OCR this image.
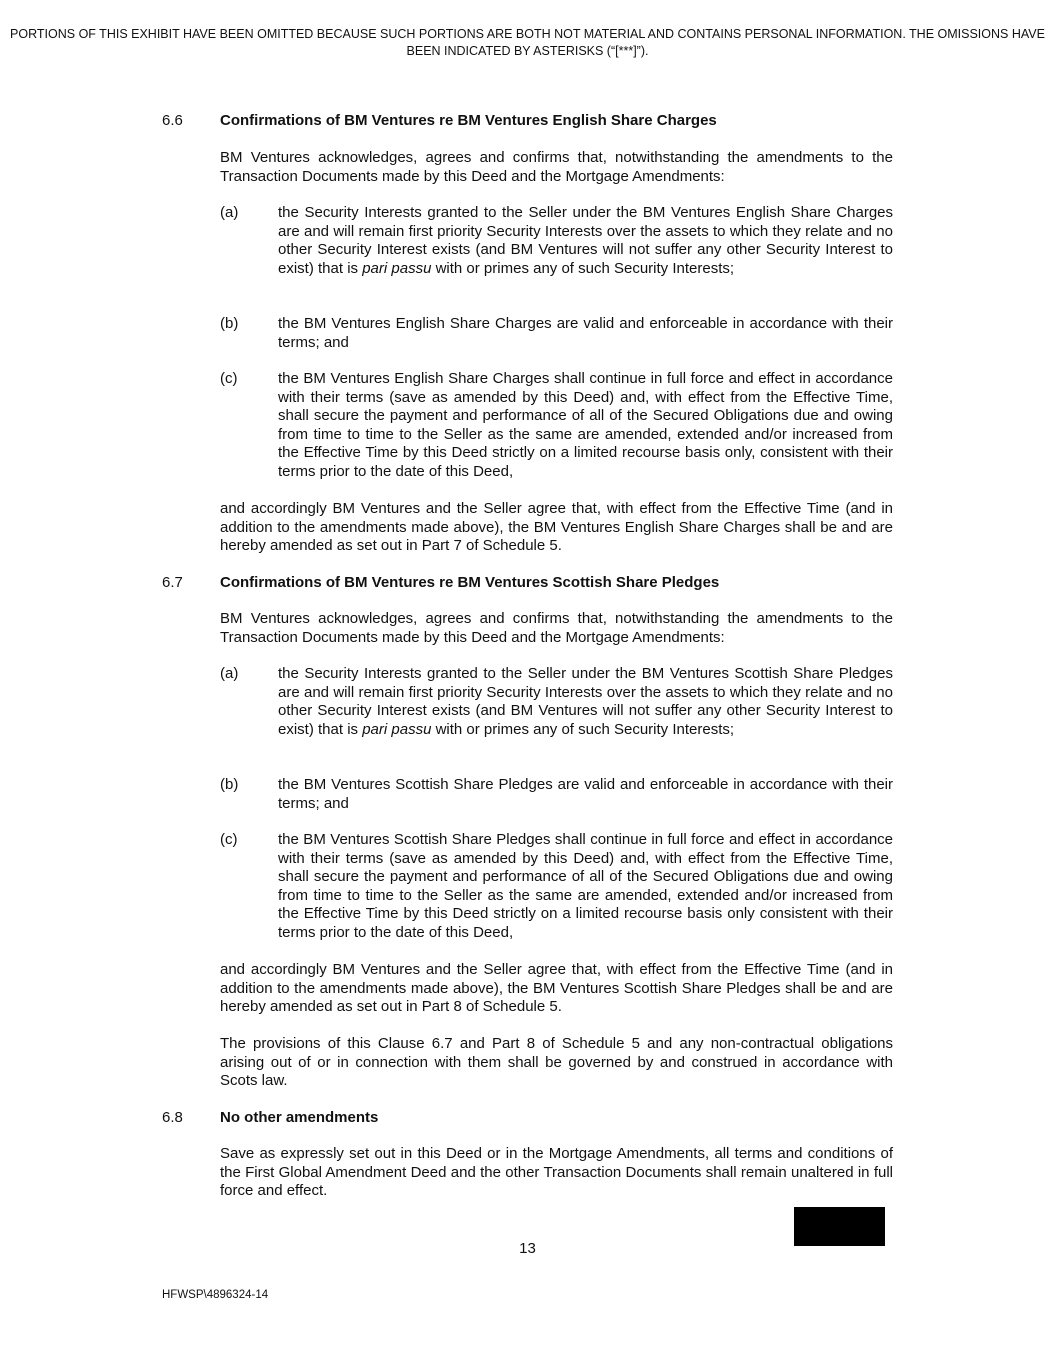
PORTIONS OF THIS EXHIBIT HAVE BEEN OMITTED BECAUSE SUCH PORTIONS ARE BOTH NOT MATERIAL AND CONTAINS PERSONAL INFORMATION. THE OMISSIONS HAVE BEEN INDICATED BY ASTERISKS (“[***]”).

6.6 Confirmations of BM Ventures re BM Ventures English Share Charges

BM Ventures acknowledges, agrees and confirms that, notwithstanding the amendments to the Transaction Documents made by this Deed and the Mortgage Amendments:

(a)	the Security Interests granted to the Seller under the BM Ventures English Share Charges are and will remain first priority Security Interests over the assets to which they relate and no other Security Interest exists (and BM Ventures will not suffer any other Security Interest to exist) that is pari passu with or primes any of such Security Interests;

(b)	the BM Ventures English Share Charges are valid and enforceable in accordance with their terms; and

(c)	the BM Ventures English Share Charges shall continue in full force and effect in accordance with their terms (save as amended by this Deed) and, with effect from the Effective Time, shall secure the payment and performance of all of the Secured Obligations due and owing from time to time to the Seller as the same are amended, extended and/or increased from the Effective Time by this Deed strictly on a limited recourse basis only, consistent with their terms prior to the date of this Deed,

and accordingly BM Ventures and the Seller agree that, with effect from the Effective Time (and in addition to the amendments made above), the BM Ventures English Share Charges shall be and are hereby amended as set out in Part 7 of Schedule 5.

6.7 Confirmations of BM Ventures re BM Ventures Scottish Share Pledges

BM Ventures acknowledges, agrees and confirms that, notwithstanding the amendments to the Transaction Documents made by this Deed and the Mortgage Amendments:

(a)	the Security Interests granted to the Seller under the BM Ventures Scottish Share Pledges are and will remain first priority Security Interests over the assets to which they relate and no other Security Interest exists (and BM Ventures will not suffer any other Security Interest to exist) that is pari passu with or primes any of such Security Interests;

(b)	the BM Ventures Scottish Share Pledges are valid and enforceable in accordance with their terms; and

(c)	the BM Ventures Scottish Share Pledges shall continue in full force and effect in accordance with their terms (save as amended by this Deed) and, with effect from the Effective Time, shall secure the payment and performance of all of the Secured Obligations due and owing from time to time to the Seller as the same are amended, extended and/or increased from the Effective Time by this Deed strictly on a limited recourse basis only consistent with their terms prior to the date of this Deed,

and accordingly BM Ventures and the Seller agree that, with effect from the Effective Time (and in addition to the amendments made above), the BM Ventures Scottish Share Pledges shall be and are hereby amended as set out in Part 8 of Schedule 5.

The provisions of this Clause 6.7 and Part 8 of Schedule 5 and any non-contractual obligations arising out of or in connection with them shall be governed by and construed in accordance with Scots law.

6.8 No other amendments

Save as expressly set out in this Deed or in the Mortgage Amendments, all terms and conditions of the First Global Amendment Deed and the other Transaction Documents shall remain unaltered in full force and effect.

13
HFWSP\4896324-14
